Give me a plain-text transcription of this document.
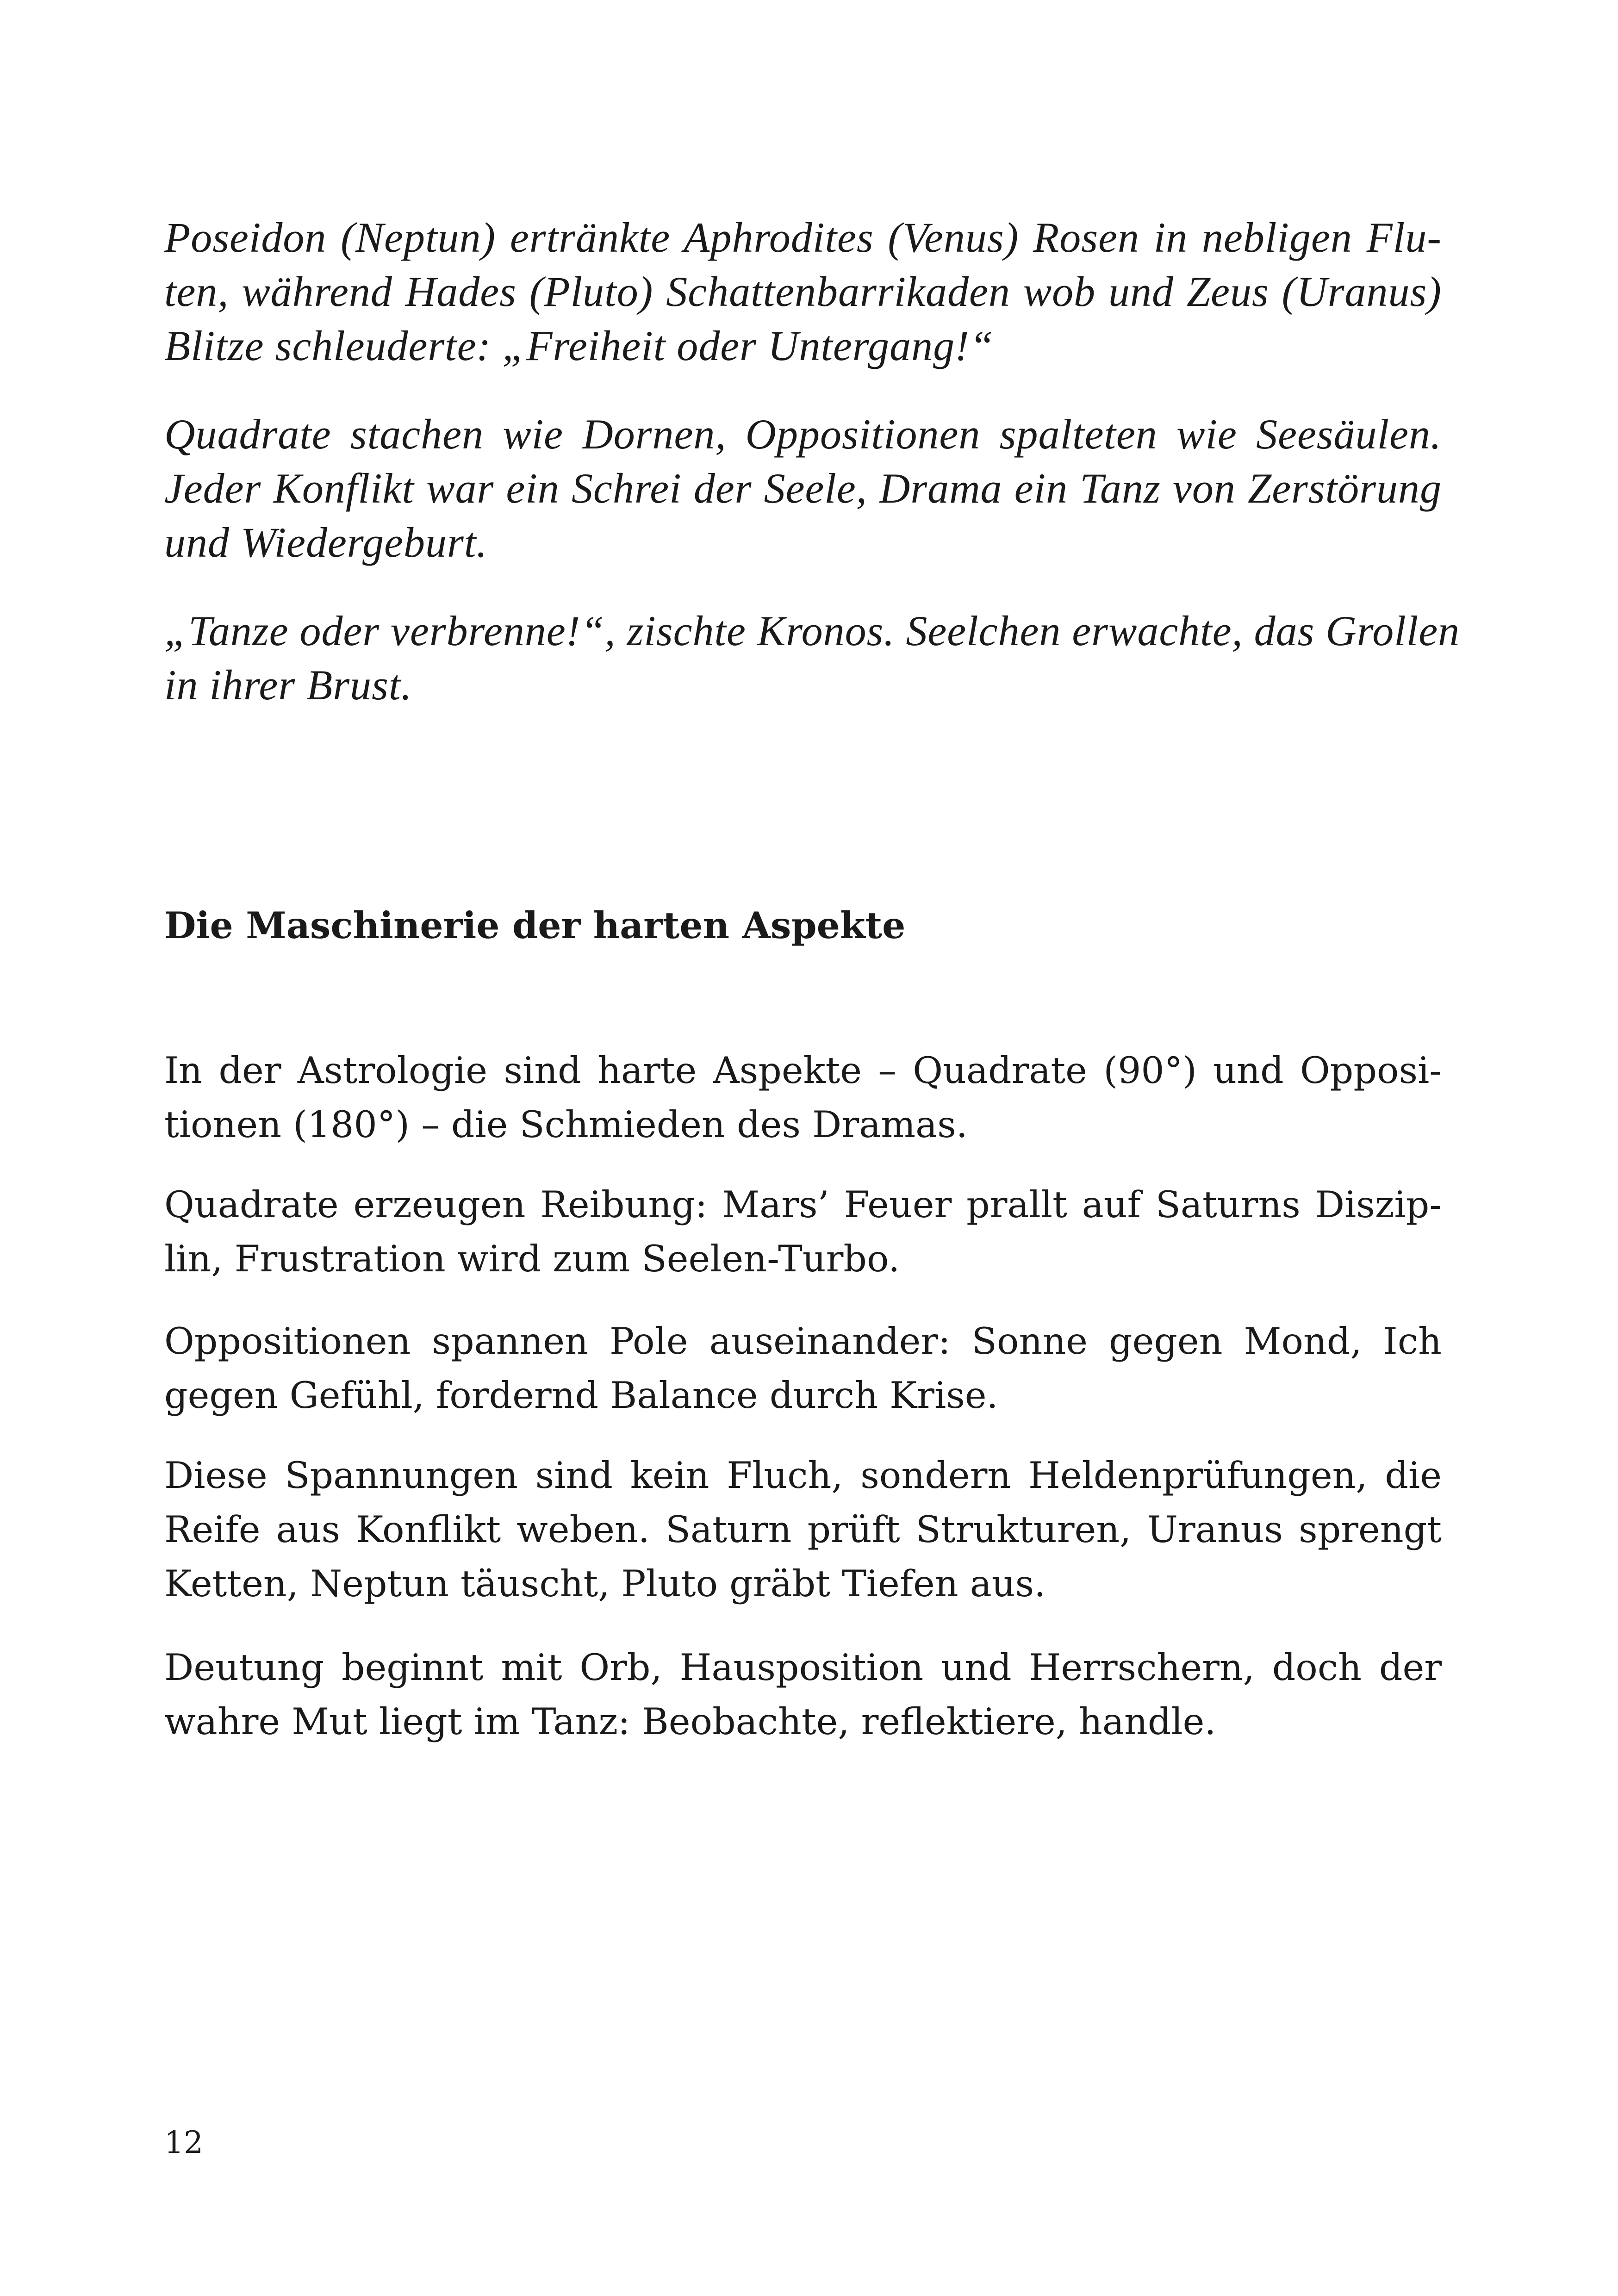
Poseidon (Neptun) ertränkte Aphrodites (Venus) Rosen in nebligen Flu-
ten, während Hades (Pluto) Schattenbarrikaden wob und Zeus (Uranus)
Blitze schleuderte: „Freiheit oder Untergang!“
Quadrate stachen wie Dornen, Oppositionen spalteten wie Seesäulen.
Jeder Konflikt war ein Schrei der Seele, Drama ein Tanz von Zerstörung
und Wiedergeburt.
„Tanze oder verbrenne!“, zischte Kronos. Seelchen erwachte, das Grollen
in ihrer Brust.
Die Maschinerie der harten Aspekte
In der Astrologie sind harte Aspekte – Quadrate (90°) und Opposi-
tionen (180°) – die Schmieden des Dramas.
Quadrate erzeugen Reibung: Mars’ Feuer prallt auf Saturns Diszip-
lin, Frustration wird zum Seelen-Turbo.
Oppositionen spannen Pole auseinander: Sonne gegen Mond, Ich
gegen Gefühl, fordernd Balance durch Krise.
Diese Spannungen sind kein Fluch, sondern Heldenprüfungen, die
Reife aus Konflikt weben. Saturn prüft Strukturen, Uranus sprengt
Ketten, Neptun täuscht, Pluto gräbt Tiefen aus.
Deutung beginnt mit Orb, Hausposition und Herrschern, doch der
wahre Mut liegt im Tanz: Beobachte, reflektiere, handle.
12
